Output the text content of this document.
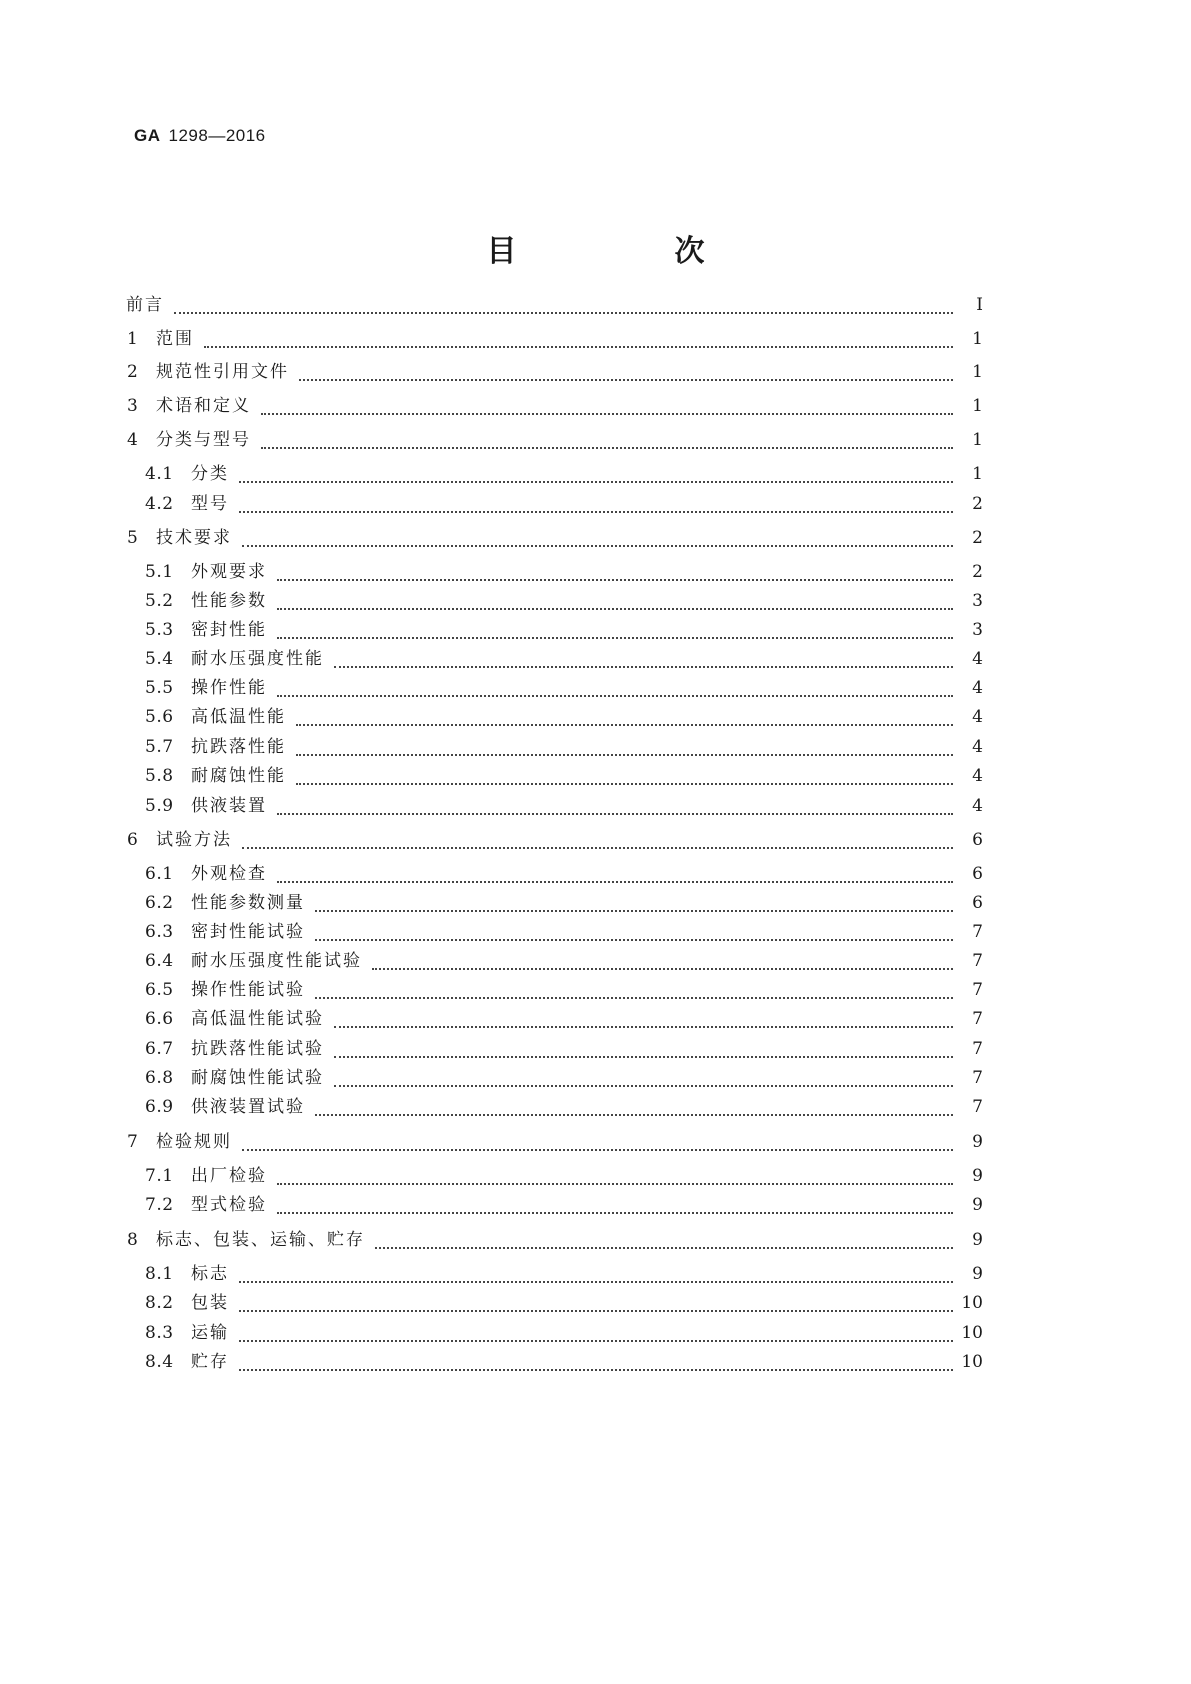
GA 1298—2016
目　次
前言	Ⅰ
1 范围	1
2 规范性引用文件	1
3 术语和定义	1
4 分类与型号	1
4.1 分类	1
4.2 型号	2
5 技术要求	2
5.1 外观要求	2
5.2 性能参数	3
5.3 密封性能	3
5.4 耐水压强度性能	4
5.5 操作性能	4
5.6 高低温性能	4
5.7 抗跌落性能	4
5.8 耐腐蚀性能	4
5.9 供液装置	4
6 试验方法	6
6.1 外观检查	6
6.2 性能参数测量	6
6.3 密封性能试验	7
6.4 耐水压强度性能试验	7
6.5 操作性能试验	7
6.6 高低温性能试验	7
6.7 抗跌落性能试验	7
6.8 耐腐蚀性能试验	7
6.9 供液装置试验	7
7 检验规则	9
7.1 出厂检验	9
7.2 型式检验	9
8 标志、包装、运输、贮存	9
8.1 标志	9
8.2 包装	10
8.3 运输	10
8.4 贮存	10
